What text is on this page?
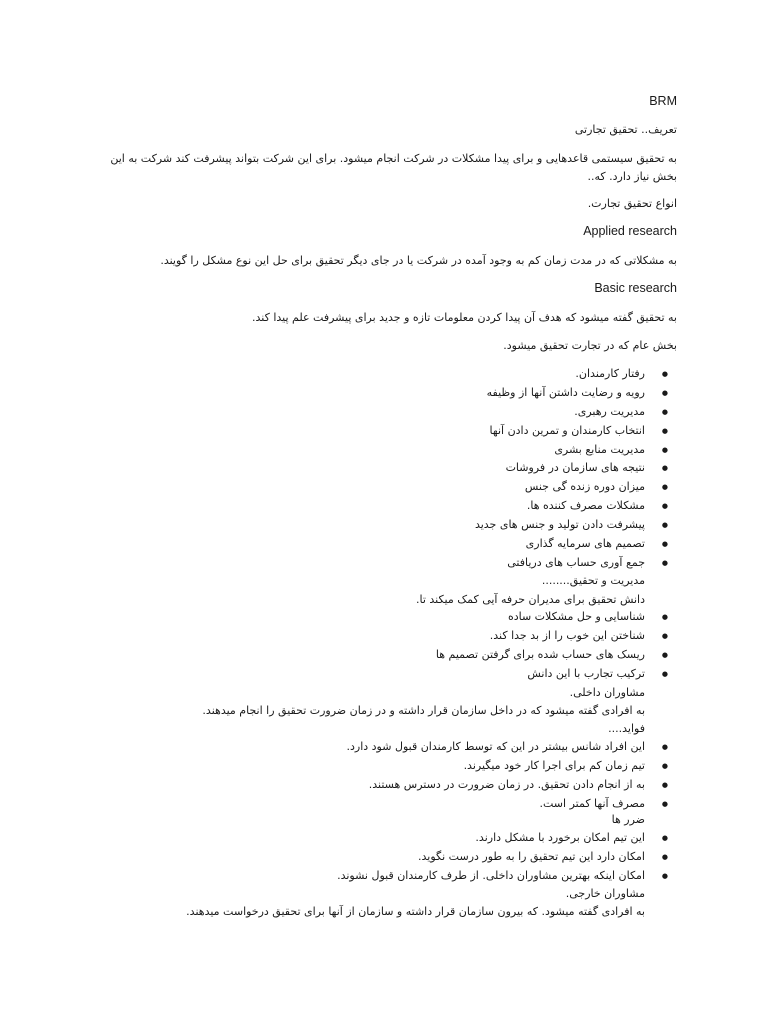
BRM

تعریف.. تحقیق تجارتی

به تحقیق سیستمی قاعدهایی و برای پیدا مشکلات در شرکت انجام میشود. برای این شرکت بتواند پیشرفت کند شرکت به این بخش نیاز دارد. که..

انواع تحقیق تجارت.

Applied research

به مشکلاتی که در مدت زمان کم به وجود آمده در شرکت یا در جای دیگر تحقیق برای حل این نوع مشکل را گویند.

Basic research

به تحقیق گفته میشود که هدف آن پیدا کردن معلومات تازه و جدید برای پیشرفت علم پیدا کند.

بخش عام که در تجارت تحقیق میشود.

● رفتار کارمندان.
● رویه و رضایت داشتن آنها از وظیفه
● مدیریت رهبری.
● انتخاب کارمندان و تمرین دادن آنها
● مدیریت منابع بشری
● نتیجه های سازمان در فروشات
● میزان دوره زنده گی جنس
● مشکلات مصرف کننده ها.
● پیشرفت دادن تولید و جنس های جدید
● تصمیم های سرمایه گذاری
● جمع آوری حساب های دریافتی

مدیریت و تحقیق........

دانش تحقیق برای مدیران حرفه آیی کمک میکند تا.

● شناسایی و حل مشکلات ساده
● شناختن این خوب را از بد جدا کند.
● ریسک های حساب شده برای گرفتن تصمیم ها
● ترکیب تجارب با این دانش

مشاوران داخلی.

به افرادی گفته میشود که در داخل سازمان قرار داشته و در زمان ضرورت تحقیق را انجام میدهند.

فواید....

● این افراد شانس بیشتر در این که توسط کارمندان قبول شود دارد.
● تیم زمان کم برای اجرا کار خود میگیرند.
● به از انجام دادن تحقیق. در زمان ضرورت در دسترس هستند.
● مصرف آنها کمتر است.

ضرر ها

● این تیم امکان برخورد با مشکل دارند.
● امکان دارد این تیم تحقیق را به طور درست نگوید.
● امکان اینکه بهترین مشاوران داخلی. از طرف کارمندان قبول نشوند.

مشاوران خارجی.

به افرادی گفته میشود. که بیرون سازمان قرار داشته و سازمان از آنها برای تحقیق درخواست میدهند.
